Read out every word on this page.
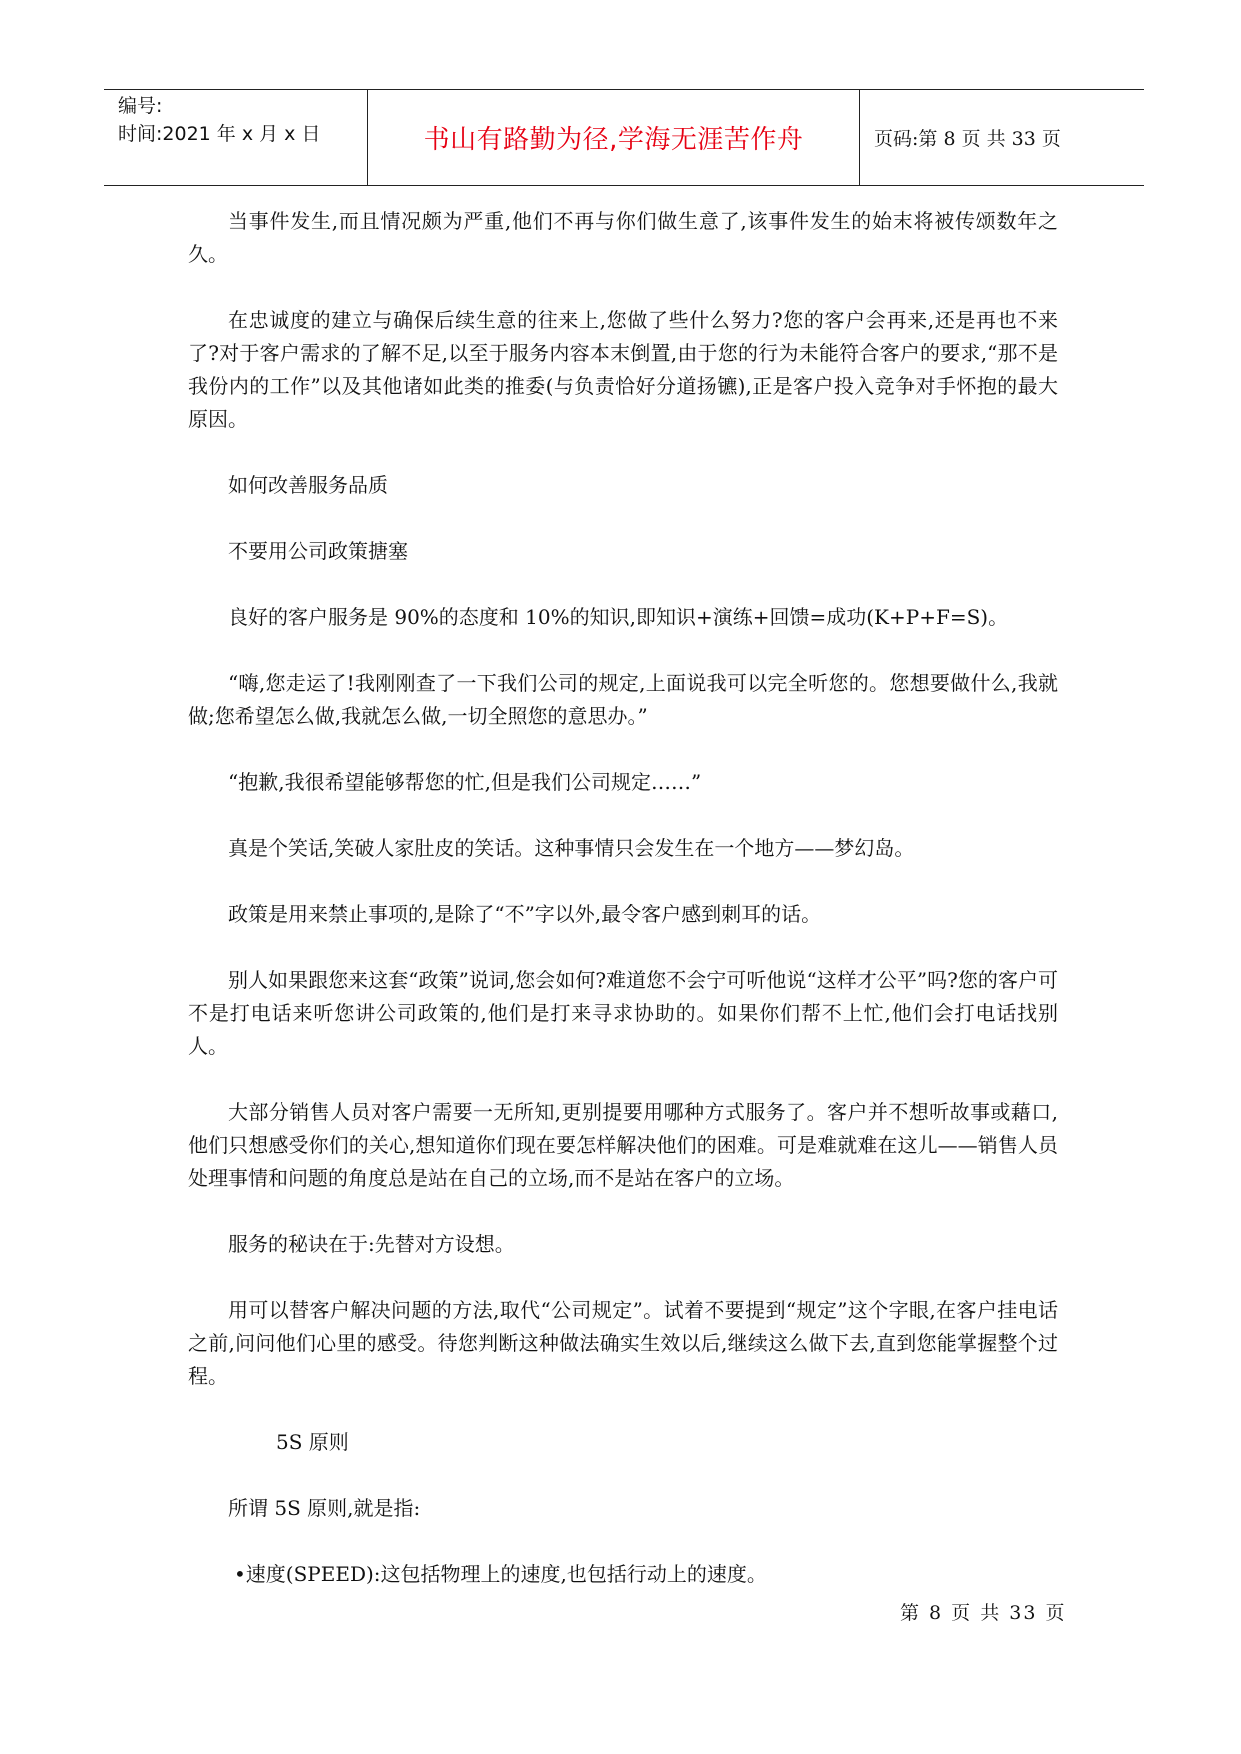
编号:
时间:2021 年 x 月 x 日	书山有路勤为径,学海无涯苦作舟	页码:第 8 页 共 33 页

当事件发生,而且情况颇为严重,他们不再与你们做生意了,该事件发生的始末将被传颂数年之久。

在忠诚度的建立与确保后续生意的往来上,您做了些什么努力?您的客户会再来,还是再也不来了?对于客户需求的了解不足,以至于服务内容本末倒置,由于您的行为未能符合客户的要求,“那不是我份内的工作”以及其他诸如此类的推委(与负责恰好分道扬镳),正是客户投入竞争对手怀抱的最大原因。

如何改善服务品质

不要用公司政策搪塞

良好的客户服务是 90%的态度和 10%的知识,即知识+演练+回馈=成功(K+P+F=S)。

“嗨,您走运了!我刚刚查了一下我们公司的规定,上面说我可以完全听您的。您想要做什么,我就做;您希望怎么做,我就怎么做,一切全照您的意思办。”

“抱歉,我很希望能够帮您的忙,但是我们公司规定……”

真是个笑话,笑破人家肚皮的笑话。这种事情只会发生在一个地方——梦幻岛。

政策是用来禁止事项的,是除了“不”字以外,最令客户感到刺耳的话。

别人如果跟您来这套“政策”说词,您会如何?难道您不会宁可听他说“这样才公平”吗?您的客户可不是打电话来听您讲公司政策的,他们是打来寻求协助的。如果你们帮不上忙,他们会打电话找别人。

大部分销售人员对客户需要一无所知,更别提要用哪种方式服务了。客户并不想听故事或藉口,他们只想感受你们的关心,想知道你们现在要怎样解决他们的困难。可是难就难在这儿——销售人员处理事情和问题的角度总是站在自己的立场,而不是站在客户的立场。

服务的秘诀在于:先替对方设想。

用可以替客户解决问题的方法,取代“公司规定”。试着不要提到“规定”这个字眼,在客户挂电话之前,问问他们心里的感受。待您判断这种做法确实生效以后,继续这么做下去,直到您能掌握整个过程。

5S 原则

所谓 5S 原则,就是指:

•速度(SPEED):这包括物理上的速度,也包括行动上的速度。

第 8 页 共 33 页
